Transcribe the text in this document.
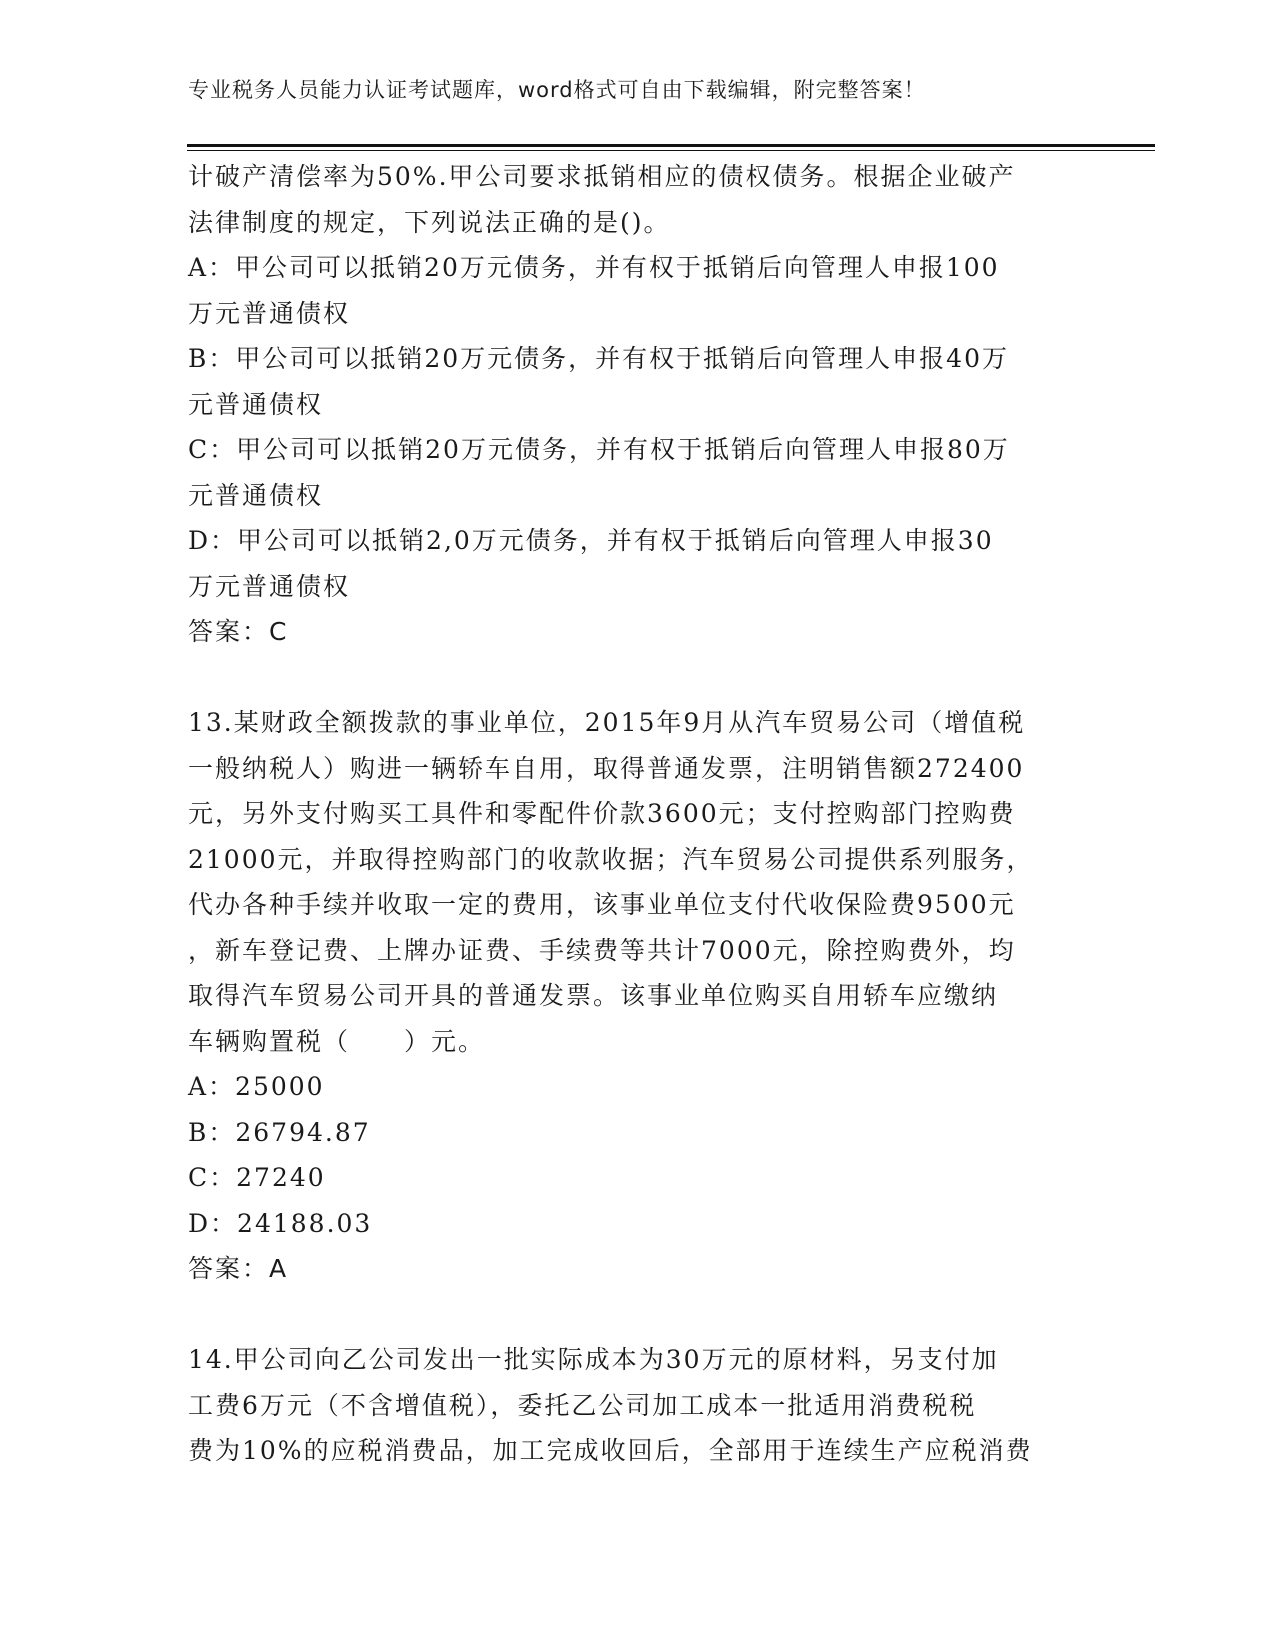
专业税务人员能力认证考试题库，word格式可自由下载编辑，附完整答案！
计破产清偿率为50%.甲公司要求抵销相应的债权债务。根据企业破产
法律制度的规定，下列说法正确的是()。
A：甲公司可以抵销20万元债务，并有权于抵销后向管理人申报100
万元普通债权
B：甲公司可以抵销20万元债务，并有权于抵销后向管理人申报40万
元普通债权
C：甲公司可以抵销20万元债务，并有权于抵销后向管理人申报80万
元普通债权
D：甲公司可以抵销2,0万元债务，并有权于抵销后向管理人申报30
万元普通债权
答案：C
13.某财政全额拨款的事业单位，2015年9月从汽车贸易公司（增值税
一般纳税人）购进一辆轿车自用，取得普通发票，注明销售额272400
元，另外支付购买工具件和零配件价款3600元；支付控购部门控购费
21000元，并取得控购部门的收款收据；汽车贸易公司提供系列服务，
代办各种手续并收取一定的费用，该事业单位支付代收保险费9500元
，新车登记费、上牌办证费、手续费等共计7000元，除控购费外，均
取得汽车贸易公司开具的普通发票。该事业单位购买自用轿车应缴纳
车辆购置税（　　）元。
A：25000
B：26794.87
C：27240
D：24188.03
答案：A
14.甲公司向乙公司发出一批实际成本为30万元的原材料，另支付加
工费6万元（不含增值税），委托乙公司加工成本一批适用消费税税
费为10%的应税消费品，加工完成收回后，全部用于连续生产应税消费
